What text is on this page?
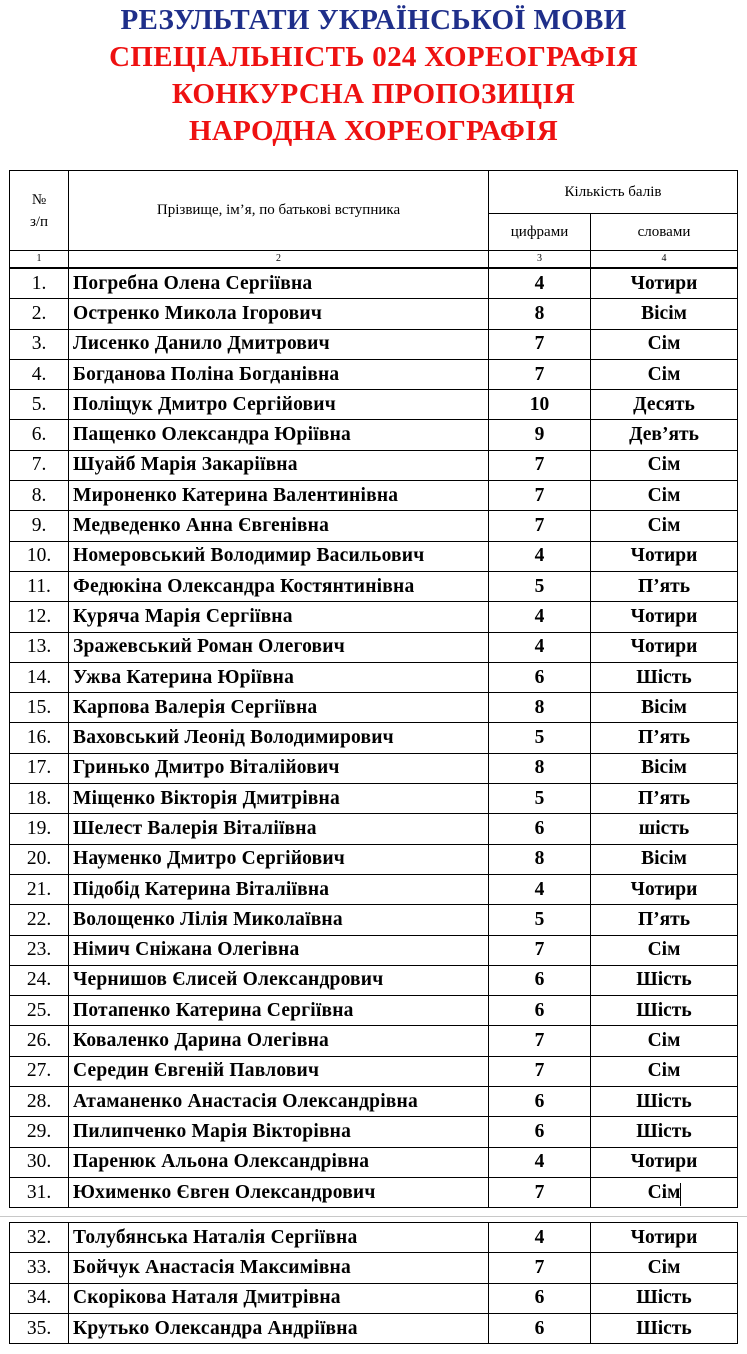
РЕЗУЛЬТАТИ УКРАЇНСЬКОЇ МОВИ
СПЕЦІАЛЬНІСТЬ 024 ХОРЕОГРАФІЯ
КОНКУРСНА ПРОПОЗИЦІЯ
НАРОДНА ХОРЕОГРАФІЯ
№
з/п	Прізвище, ім’я, по батькові вступника	Кількість балів	
		цифрами	словами
1	2	3	4
1.	Погребна Олена Сергіївна	4	Чотири
2.	Остренко Микола Ігорович	8	Вісім
3.	Лисенко Данило Дмитрович	7	Сім
4.	Богданова Поліна Богданівна	7	Сім
5.	Поліщук Дмитро Сергійович	10	Десять
6.	Пащенко Олександра Юріївна	9	Дев’ять
7.	Шуайб Марія Закаріївна	7	Сім
8.	Мироненко Катерина Валентинівна	7	Сім
9.	Медведенко Анна Євгенівна	7	Сім
10.	Номеровський Володимир Васильович	4	Чотири
11.	Федюкіна Олександра Костянтинівна	5	П’ять
12.	Куряча Марія Сергіївна	4	Чотири
13.	Зражевський Роман Олегович	4	Чотири
14.	Ужва Катерина Юріївна	6	Шість
15.	Карпова Валерія Сергіївна	8	Вісім
16.	Ваховський Леонід Володимирович	5	П’ять
17.	Гринько Дмитро Віталійович	8	Вісім
18.	Міщенко Вікторія Дмитрівна	5	П’ять
19.	Шелест Валерія Віталіївна	6	шість
20.	Науменко Дмитро Сергійович	8	Вісім
21.	Підобід Катерина Віталіївна	4	Чотири
22.	Волощенко Лілія Миколаївна	5	П’ять
23.	Німич Сніжана Олегівна	7	Сім
24.	Чернишов Єлисей Олександрович	6	Шість
25.	Потапенко Катерина Сергіївна	6	Шість
26.	Коваленко Дарина Олегівна	7	Сім
27.	Середин Євгеній Павлович	7	Сім
28.	Атаманенко Анастасія Олександрівна	6	Шість
29.	Пилипченко Марія Вікторівна	6	Шість
30.	Паренюк Альона Олександрівна	4	Чотири
31.	Юхименко Євген Олександрович	7	Сім
32.	Толубянська Наталія Сергіївна	4	Чотири
33.	Бойчук Анастасія Максимівна	7	Сім
34.	Скорікова Наталя Дмитрівна	6	Шість
35.	Крутько Олександра Андріївна	6	Шість
